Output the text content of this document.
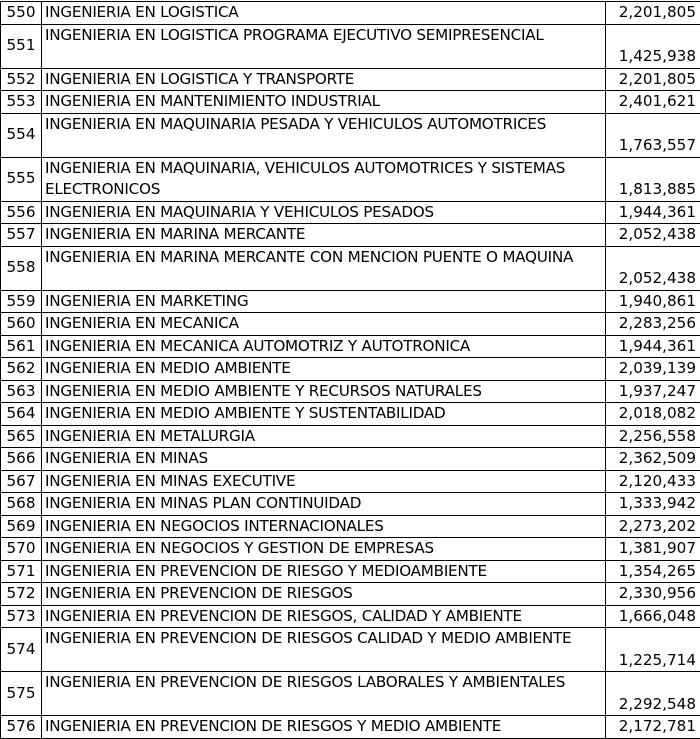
550	INGENIERIA EN LOGISTICA	2,201,805
551	INGENIERIA EN LOGISTICA PROGRAMA EJECUTIVO SEMIPRESENCIAL	1,425,938
552	INGENIERIA EN LOGISTICA Y TRANSPORTE	2,201,805
553	INGENIERIA EN MANTENIMIENTO INDUSTRIAL	2,401,621
554	INGENIERIA EN MAQUINARIA PESADA Y VEHICULOS AUTOMOTRICES	1,763,557
555	INGENIERIA EN MAQUINARIA, VEHICULOS AUTOMOTRICES Y SISTEMAS ELECTRONICOS	1,813,885
556	INGENIERIA EN MAQUINARIA Y VEHICULOS PESADOS	1,944,361
557	INGENIERIA EN MARINA MERCANTE	2,052,438
558	INGENIERIA EN MARINA MERCANTE CON MENCION PUENTE O MAQUINA	2,052,438
559	INGENIERIA EN MARKETING	1,940,861
560	INGENIERIA EN MECANICA	2,283,256
561	INGENIERIA EN MECANICA AUTOMOTRIZ Y AUTOTRONICA	1,944,361
562	INGENIERIA EN MEDIO AMBIENTE	2,039,139
563	INGENIERIA EN MEDIO AMBIENTE Y RECURSOS NATURALES	1,937,247
564	INGENIERIA EN MEDIO AMBIENTE Y SUSTENTABILIDAD	2,018,082
565	INGENIERIA EN METALURGIA	2,256,558
566	INGENIERIA EN MINAS	2,362,509
567	INGENIERIA EN MINAS EXECUTIVE	2,120,433
568	INGENIERIA EN MINAS PLAN CONTINUIDAD	1,333,942
569	INGENIERIA EN NEGOCIOS INTERNACIONALES	2,273,202
570	INGENIERIA EN NEGOCIOS Y GESTION DE EMPRESAS	1,381,907
571	INGENIERIA EN PREVENCION DE RIESGO Y MEDIOAMBIENTE	1,354,265
572	INGENIERIA EN PREVENCION DE RIESGOS	2,330,956
573	INGENIERIA EN PREVENCION DE RIESGOS, CALIDAD Y AMBIENTE	1,666,048
574	INGENIERIA EN PREVENCION DE RIESGOS CALIDAD Y MEDIO AMBIENTE	1,225,714
575	INGENIERIA EN PREVENCION DE RIESGOS LABORALES Y AMBIENTALES	2,292,548
576	INGENIERIA EN PREVENCION DE RIESGOS Y MEDIO AMBIENTE	2,172,781
